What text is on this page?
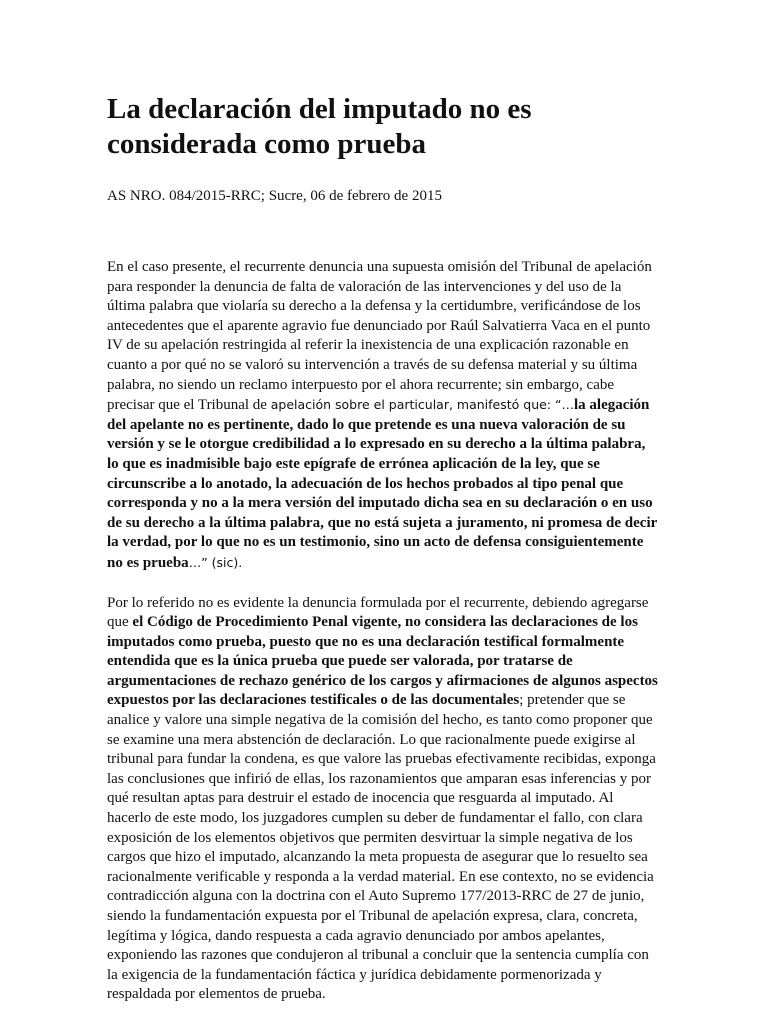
La declaración del imputado no es
considerada como prueba

AS NRO. 084/2015-RRC; Sucre, 06 de febrero de 2015

En el caso presente, el recurrente denuncia una supuesta omisión del Tribunal de apelación
para responder la denuncia de falta de valoración de las intervenciones y del uso de la
última palabra que violaría su derecho a la defensa y la certidumbre, verificándose de los
antecedentes que el aparente agravio fue denunciado por Raúl Salvatierra Vaca en el punto
IV de su apelación restringida al referir la inexistencia de una explicación razonable en
cuanto a por qué no se valoró su intervención a través de su defensa material y su última
palabra, no siendo un reclamo interpuesto por el ahora recurrente; sin embargo, cabe
precisar que el Tribunal de apelación sobre el particular, manifestó que: “…la alegación
del apelante no es pertinente, dado lo que pretende es una nueva valoración de su
versión y se le otorgue credibilidad a lo expresado en su derecho a la última palabra,
lo que es inadmisible bajo este epígrafe de errónea aplicación de la ley, que se
circunscribe a lo anotado, la adecuación de los hechos probados al tipo penal que
corresponda y no a la mera versión del imputado dicha sea en su declaración o en uso
de su derecho a la última palabra, que no está sujeta a juramento, ni promesa de decir
la verdad, por lo que no es un testimonio, sino un acto de defensa consiguientemente
no es prueba…” (sic).

Por lo referido no es evidente la denuncia formulada por el recurrente, debiendo agregarse
que el Código de Procedimiento Penal vigente, no considera las declaraciones de los
imputados como prueba, puesto que no es una declaración testifical formalmente
entendida que es la única prueba que puede ser valorada, por tratarse de
argumentaciones de rechazo genérico de los cargos y afirmaciones de algunos aspectos
expuestos por las declaraciones testificales o de las documentales; pretender que se
analice y valore una simple negativa de la comisión del hecho, es tanto como proponer que
se examine una mera abstención de declaración. Lo que racionalmente puede exigirse al
tribunal para fundar la condena, es que valore las pruebas efectivamente recibidas, exponga
las conclusiones que infirió de ellas, los razonamientos que amparan esas inferencias y por
qué resultan aptas para destruir el estado de inocencia que resguarda al imputado. Al
hacerlo de este modo, los juzgadores cumplen su deber de fundamentar el fallo, con clara
exposición de los elementos objetivos que permiten desvirtuar la simple negativa de los
cargos que hizo el imputado, alcanzando la meta propuesta de asegurar que lo resuelto sea
racionalmente verificable y responda a la verdad material. En ese contexto, no se evidencia
contradicción alguna con la doctrina con el Auto Supremo 177/2013-RRC de 27 de junio,
siendo la fundamentación expuesta por el Tribunal de apelación expresa, clara, concreta,
legítima y lógica, dando respuesta a cada agravio denunciado por ambos apelantes,
exponiendo las razones que condujeron al tribunal a concluir que la sentencia cumplía con
la exigencia de la fundamentación fáctica y jurídica debidamente pormenorizada y
respaldada por elementos de prueba.
